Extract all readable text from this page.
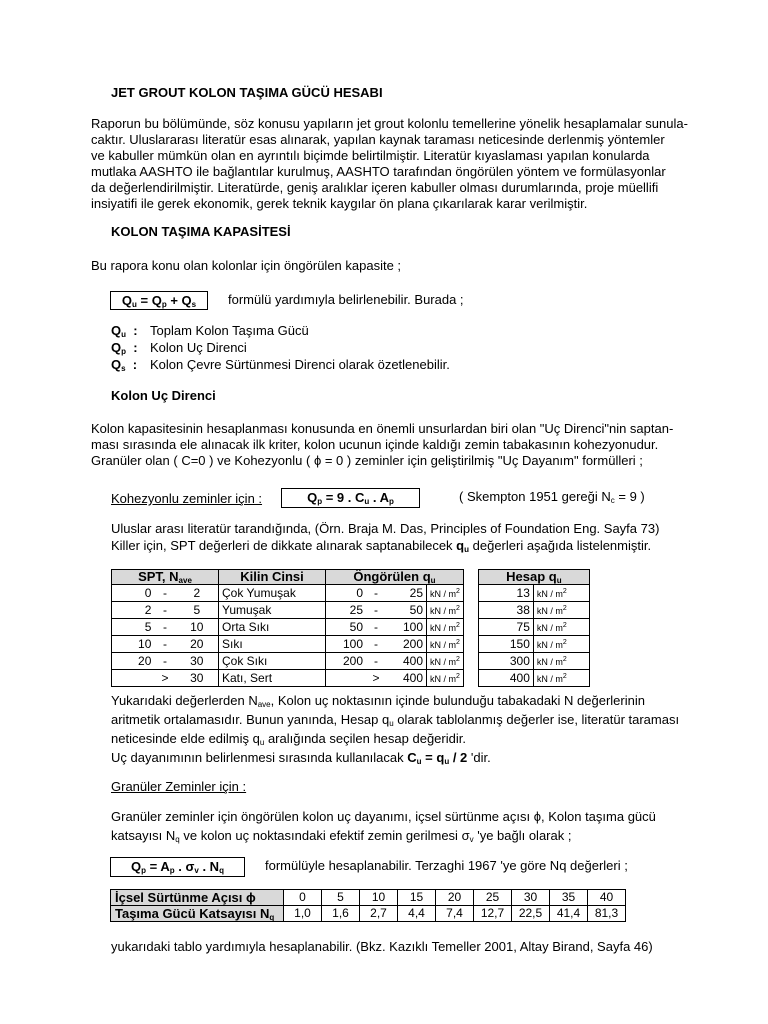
JET GROUT KOLON TAŞIMA GÜCÜ HESABI
Raporun bu bölümünde, söz konusu yapıların jet grout kolonlu temellerine yönelik hesaplamalar sunula-
caktır. Uluslararası literatür esas alınarak, yapılan kaynak taraması neticesinde derlenmiş yöntemler
ve kabuller mümkün olan en ayrıntılı biçimde belirtilmiştir. Literatür kıyaslaması yapılan konularda
mutlaka AASHTO ile bağlantılar kurulmuş, AASHTO tarafından öngörülen yöntem ve formülasyonlar
da değerlendirilmiştir. Literatürde, geniş aralıklar içeren kabuller olması durumlarında, proje müellifi
insiyatifi ile gerek ekonomik, gerek teknik kaygılar ön plana çıkarılarak karar verilmiştir.
KOLON TAŞIMA KAPASİTESİ
Bu rapora konu olan kolonlar için öngörülen kapasite ;
$Q_u = Q_p + Q_s$	formülü yardımıyla belirlenebilir. Burada ;
$Q_u$  : Toplam Kolon Taşıma Gücü
$Q_p$  : Kolon Uç Direnci
$Q_s$  : Kolon Çevre Sürtünmesi Direnci olarak özetlenebilir.
Kolon Uç Direnci
Kolon kapasitesinin hesaplanması konusunda en önemli unsurlardan biri olan "Uç Direnci"nin saptan-
ması sırasında ele alınacak ilk kriter, kolon ucunun içinde kaldığı zemin tabakasının kohezyonudur.
Granüler olan ( C=0 ) ve Kohezyonlu ( ϕ = 0 ) zeminler için geliştirilmiş "Uç Dayanım" formülleri ;
Kohezyonlu zeminler için :	$Q_p = 9$ . $C_u$ . $A_p$	( Skempton 1951 gereği $N_c = 9$ )
Uluslar arası literatür tarandığında, (Örn. Braja M. Das, Principles of Foundation Eng. Sayfa 73)
Killer için, SPT değerleri de dikkate alınarak saptanabilecek $q_u$ değerleri aşağıda listelenmiştir.
SPT, $N_{ave}$			Kilin Cinsi	Öngörülen $q_u$					Hesap $q_u$
0	-	2	Çok Yumuşak	0	-	25	kN / $m^2$		13	kN / $m^2$
2	-	5	Yumuşak	25	-	50	kN / $m^2$		38	kN / $m^2$
5	-	10	Orta Sıkı	50	-	100	kN / $m^2$		75	kN / $m^2$
10	-	20	Sıkı	100	-	200	kN / $m^2$		150	kN / $m^2$
20	-	30	Çok Sıkı	200	-	400	kN / $m^2$		300	kN / $m^2$
	>	30	Katı, Sert		>	400	kN / $m^2$		400	kN / $m^2$
Yukarıdaki değerlerden $N_{ave}$, Kolon uç noktasının içinde bulunduğu tabakadaki N değerlerinin
aritmetik ortalamasıdır. Bunun yanında, Hesap $q_u$ olarak tablolanmış değerler ise, literatür taraması
neticesinde elde edilmiş $q_u$ aralığında seçilen hesap değeridir.
Uç dayanımının belirlenmesi sırasında kullanılacak $C_u = q_u / 2$ 'dir.
Granüler Zeminler için :
Granüler zeminler için öngörülen kolon uç dayanımı, içsel sürtünme açısı ϕ, Kolon taşıma gücü
katsayısı $N_q$ ve kolon uç noktasındaki efektif zemin gerilmesi $\sigma_v$ 'ye bağlı olarak ;
$Q_p = A_p$ . $\sigma_v$ . $N_q$	formülüyle hesaplanabilir. Terzaghi 1967 'ye göre Nq değerleri ;
İçsel Sürtünme Açısı ϕ	0	5	10	15	20	25	30	35	40
Taşıma Gücü Katsayısı $N_q$	1,0	1,6	2,7	4,4	7,4	12,7	22,5	41,4	81,3
yukarıdaki tablo yardımıyla hesaplanabilir. (Bkz. Kazıklı Temeller 2001, Altay Birand, Sayfa 46)
